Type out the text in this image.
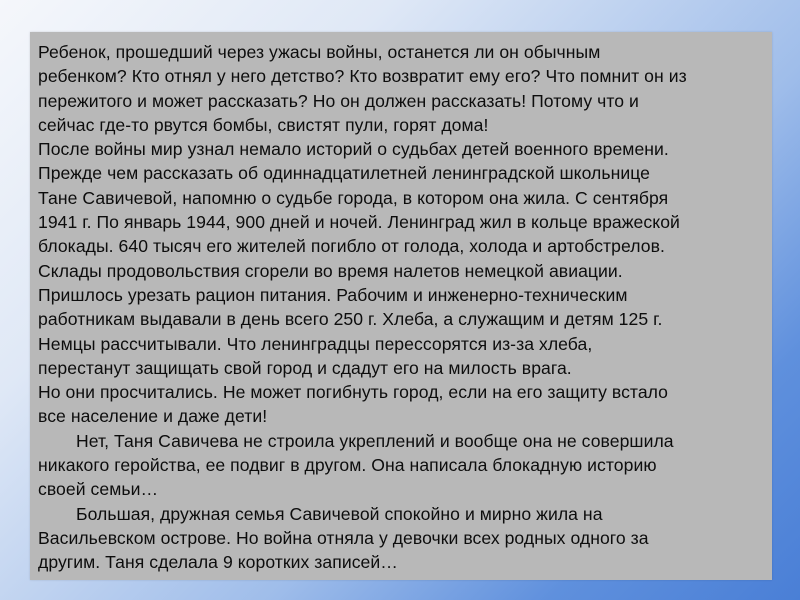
Ребенок, прошедший через ужасы войны, останется ли он обычным
ребенком? Кто отнял у него детство? Кто возвратит ему его? Что помнит он из
пережитого и может рассказать? Но он должен рассказать! Потому что и
сейчас где-то рвутся бомбы, свистят пули, горят дома!
После войны мир узнал немало историй о судьбах детей военного времени.
Прежде чем рассказать об одиннадцатилетней ленинградской школьнице
Тане Савичевой, напомню о судьбе города, в котором она жила. С сентября
1941 г. По январь 1944, 900 дней и ночей. Ленинград жил в кольце вражеской
блокады. 640 тысяч его жителей погибло от голода, холода и артобстрелов.
Склады продовольствия сгорели во время налетов немецкой авиации.
Пришлось урезать рацион питания. Рабочим и инженерно-техническим
работникам выдавали в день всего 250 г. Хлеба, а служащим и детям 125 г.
Немцы рассчитывали. Что ленинградцы перессорятся из-за хлеба,
перестанут защищать свой город и сдадут его на милость врага.
Но они просчитались. Не может погибнуть город, если на его защиту встало
все население и даже дети!
Нет, Таня Савичева не строила укреплений и вообще она не совершила
никакого геройства, ее подвиг в другом. Она написала блокадную историю
своей семьи…
Большая, дружная семья Савичевой спокойно и мирно жила на
Васильевском острове. Но война отняла у девочки всех родных одного за
другим. Таня сделала 9 коротких записей…
